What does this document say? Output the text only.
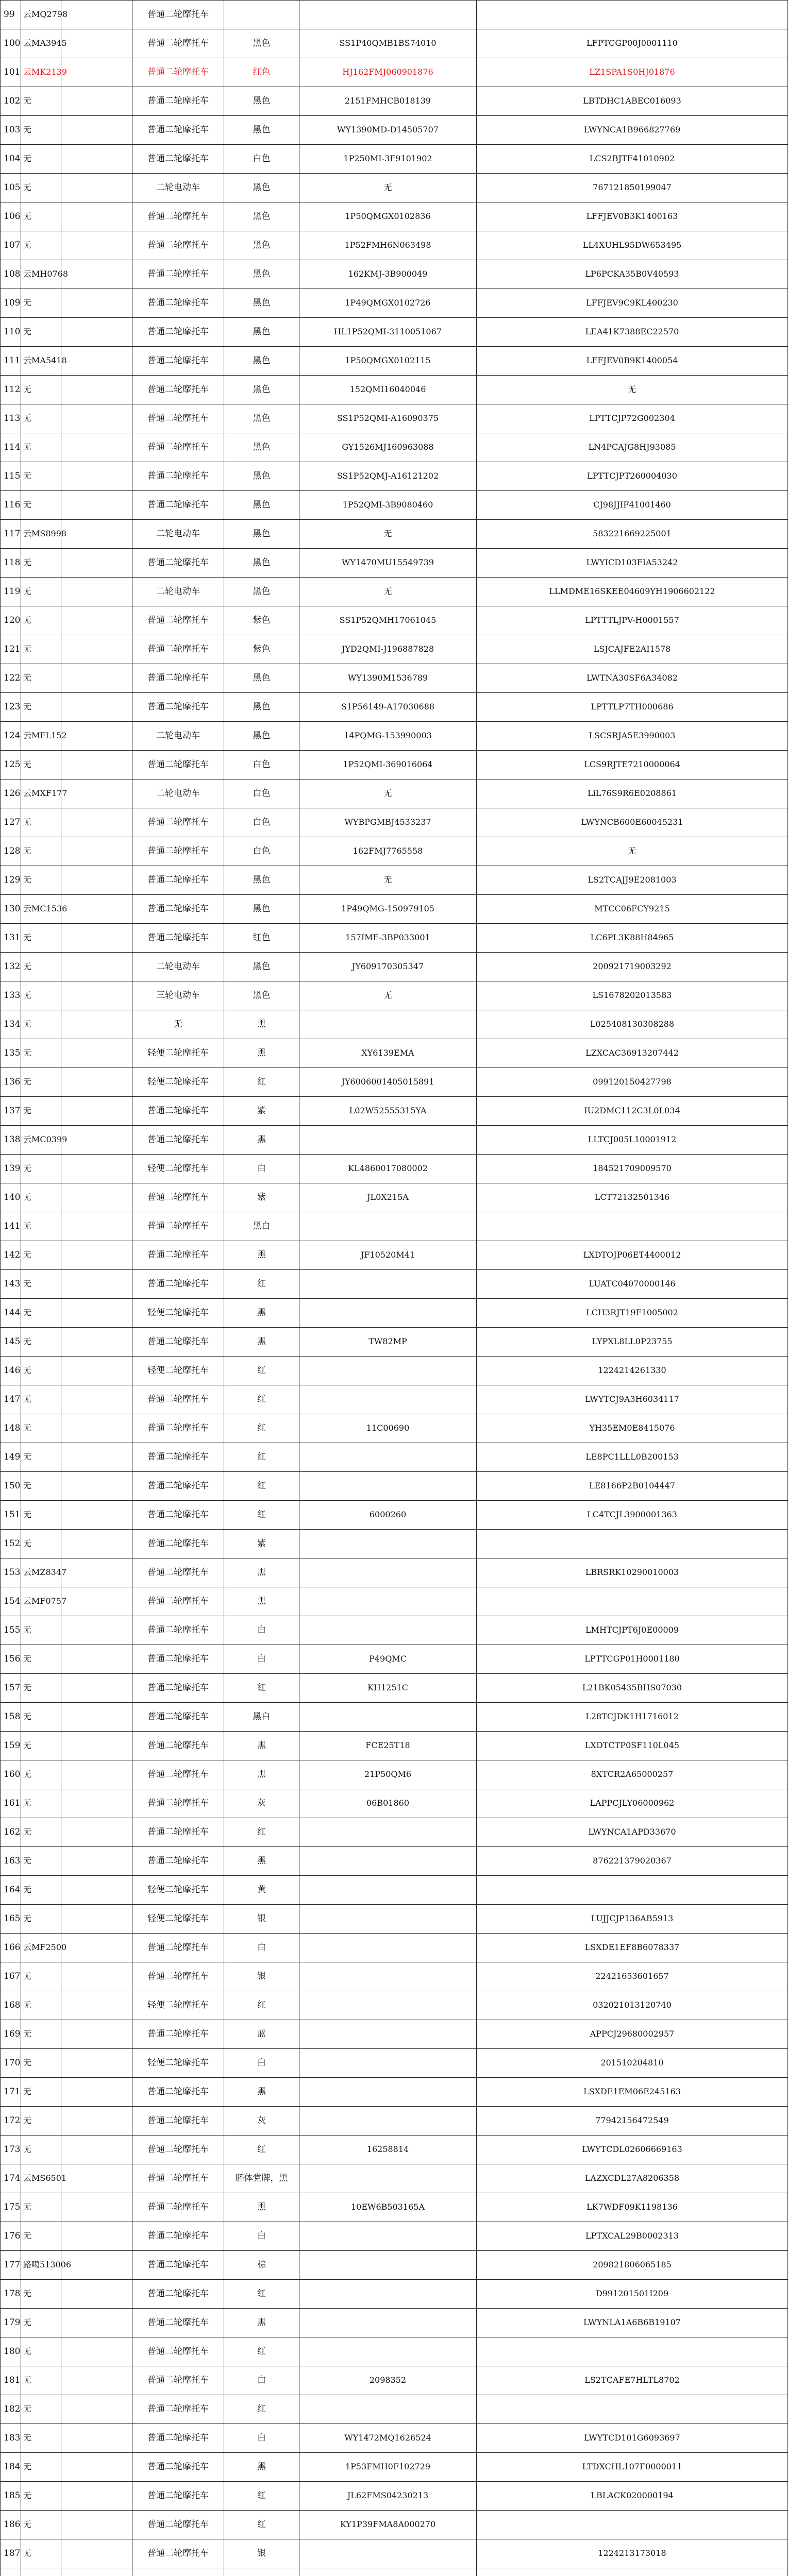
99	云MQ2798		普通二轮摩托车			
100	云MA3945		普通二轮摩托车	黑色	SS1P40QMB1BS74010	LFPTCGP00J0001110
101	云MK2139		普通二轮摩托车	红色	HJ162FMJ060901876	LZ1SPA1S0HJ01876
102	无		普通二轮摩托车	黑色	2151FMHCB018139	LBTDHC1ABEC016093
103	无		普通二轮摩托车	黑色	WY1390MD-D14505707	LWYNCA1B966827769
104	无		普通二轮摩托车	白色	1P250MI-3F9101902	LCS2BJTF41010902
105	无		二轮电动车	黑色	无	767121850199047
106	无		普通二轮摩托车	黑色	1P50QMGX0102836	LFFJEV0B3K1400163
107	无		普通二轮摩托车	黑色	1P52FMH6N063498	LL4XUHL95DW653495
108	云MH0768		普通二轮摩托车	黑色	162KMJ-3B900049	LP6PCKA35B0V40593
109	无		普通二轮摩托车	黑色	1P49QMGX0102726	LFFJEV9C9KL400230
110	无		普通二轮摩托车	黑色	HL1P52QMI-3110051067	LEA41K7388EC22570
111	云MA5418		普通二轮摩托车	黑色	1P50QMGX0102115	LFFJEV0B9K1400054
112	无		普通二轮摩托车	黑色	152QMI16040046	无
113	无		普通二轮摩托车	黑色	SS1P52QMI-A16090375	LPTTCJP72G002304
114	无		普通二轮摩托车	黑色	GY1526MJ160963088	LN4PCAJG8HJ93085
115	无		普通二轮摩托车	黑色	SS1P52QMJ-A16121202	LPTTCJPT260004030
116	无		普通二轮摩托车	黑色	1P52QMI-3B9080460	CJ98JJIF41001460
117	云MS8998		二轮电动车	黑色	无	583221669225001
118	无		普通二轮摩托车	黑色	WY1470MU15549739	LWYICD103FIA53242
119	无		二轮电动车	黑色	无	LLMDME16SKEE04609YH1906602122
120	无		普通二轮摩托车	紫色	SS1P52QMH17061045	LPTTTLJPV-H0001557
121	无		普通二轮摩托车	紫色	JYD2QMI-J196887828	LSJCAJFE2AI1578
122	无		普通二轮摩托车	黑色	WY1390M1536789	LWTNA30SF6A34082
123	无		普通二轮摩托车	黑色	S1P56149-A17030688	LPTTLP7TH000686
124	云MFL152		二轮电动车	黑色	14PQMG-153990003	LSCSRJA5E3990003
125	无		普通二轮摩托车	白色	1P52QMI-369016064	LCS9RJTE7210000064
126	云MXF177		二轮电动车	白色	无	LiL76S9R6E0208861
127	无		普通二轮摩托车	白色	WYBPGMBJ4533237	LWYNCB600E60045231
128	无		普通二轮摩托车	白色	162FMJ7765558	无
129	无		普通二轮摩托车	黑色	无	LS2TCAJJ9E2081003
130	云MC1536		普通二轮摩托车	黑色	1P49QMG-150979105	MTCC06FCY9215
131	无		普通二轮摩托车	红色	157IME-3BP033001	LC6PL3K88H84965
132	无		二轮电动车	黑色	JY609170305347	200921719003292
133	无		三轮电动车	黑色	无	LS1678202013583
134	无		无	黑		L025408130308288
135	无		轻便二轮摩托车	黑	XY6139EMA	LZXCAC36913207442
136	无		轻便二轮摩托车	红	JY6006001405015891	099120150427798
137	无		普通二轮摩托车	紫	L02W52555315YA	IU2DMC112C3L0L034
138	云MC0399		普通二轮摩托车	黑		LLTCJ005L10001912
139	无		轻便二轮摩托车	白	KL4860017080002	184521709009570
140	无		普通二轮摩托车	紫	JL0X215A	LCT72132501346
141	无		普通二轮摩托车	黑白		
142	无		普通二轮摩托车	黑	JF10520M41	LXDTOJP06ET4400012
143	无		普通二轮摩托车	红		LUATC04070000146
144	无		轻便二轮摩托车	黑		LCH3RJT19F1005002
145	无		普通二轮摩托车	黑	TW82MP	LYPXL8LL0P23755
146	无		轻便二轮摩托车	红		1224214261330
147	无		普通二轮摩托车	红		LWYTCJ9A3H6034117
148	无		普通二轮摩托车	红	11C00690	YH35EM0E8415076
149	无		普通二轮摩托车	红		LE8PC1LLL0B200153
150	无		普通二轮摩托车	红		LE8166P2B0104447
151	无		普通二轮摩托车	红	6000260	LC4TCJL3900001363
152	无		普通二轮摩托车	紫		
153	云MZ8347		普通二轮摩托车	黑		LBRSRK10290010003
154	云MF0757		普通二轮摩托车	黑		
155	无		普通二轮摩托车	白		LMHTCJPT6J0E00009
156	无		普通二轮摩托车	白	P49QMC	LPTTCGP01H0001180
157	无		普通二轮摩托车	红	KH1251C	L21BK05435BHS07030
158	无		普通二轮摩托车	黑白		L28TCJDK1H1716012
159	无		普通二轮摩托车	黑	FCE25T18	LXDTCTP0SF110L045
160	无		普通二轮摩托车	黑	21P50QM6	8XTCR2A65000257
161	无		普通二轮摩托车	灰	06B01860	LAPPCJLY06000962
162	无		普通二轮摩托车	红		LWYNCA1APD33670
163	无		普通二轮摩托车	黑		876221379020367
164	无		轻便二轮摩托车	黄		
165	无		轻便二轮摩托车	银		LUJJCJP136AB5913
166	云MF2500		普通二轮摩托车	白		LSXDE1EF8B6078337
167	无		普通二轮摩托车	银		22421653601657
168	无		轻便二轮摩托车	红		032021013120740
169	无		普通二轮摩托车	蓝		APPCJ29680002957
170	无		轻便二轮摩托车	白		201510204810
171	无		普通二轮摩托车	黑		LSXDE1EM06E245163
172	无		普通二轮摩托车	灰		77942156472549
173	无		普通二轮摩托车	红	16258814	LWYTCDL02606669163
174	云MS6501		普通二轮摩托车	胚体党牌，黑		LAZXCDL27A8206358
175	无		普通二轮摩托车	黑	10EW6B503165A	LK7WDF09K1198136
176	无		普通二轮摩托车	白		LPTXCAL29B0002313
177	路噶513006		普通二轮摩托车	棕		209821806065185
178	无		普通二轮摩托车	红		D991201501I209
179	无		普通二轮摩托车	黑		LWYNLA1A6B6B19107
180	无		普通二轮摩托车	红		
181	无		普通二轮摩托车	白	2098352	LS2TCAFE7HLTL8702
182	无		普通二轮摩托车	红		
183	无		普通二轮摩托车	白	WY1472MQ1626524	LWYTCD101G6093697
184	无		普通二轮摩托车	黑	1P53FMH0F102729	LTDXCHL107F0000011
185	无		普通二轮摩托车	红	JL62FMS04230213	LBLACK020000194
186	无		普通二轮摩托车	红	KY1P39FMA8A000270	
187	无		普通二轮摩托车	银		1224213173018
